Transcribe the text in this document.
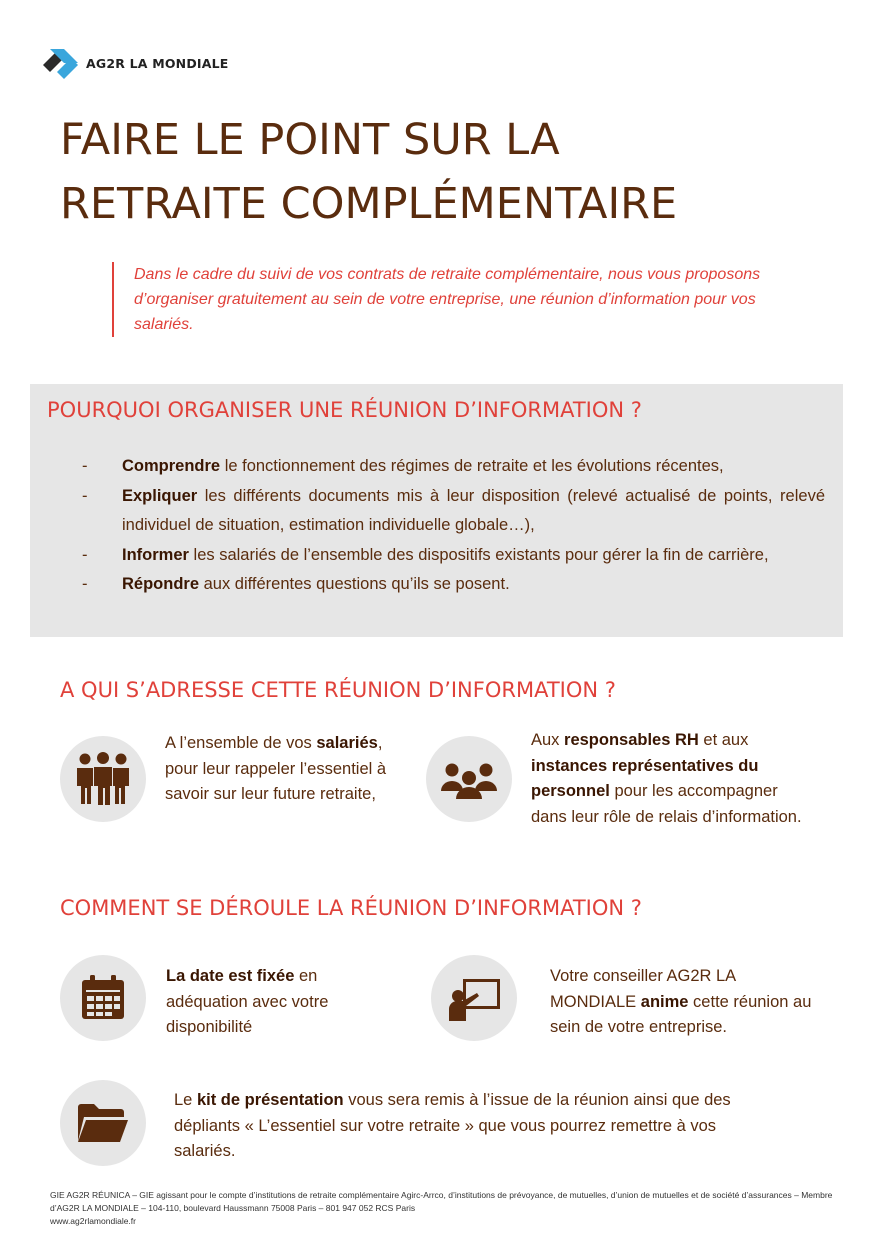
AG2R LA MONDIALE
FAIRE LE POINT SUR LA
RETRAITE COMPLÉMENTAIRE
Dans le cadre du suivi de vos contrats de retraite complémentaire, nous vous proposons d’organiser gratuitement au sein de votre entreprise, une réunion d’information pour vos salariés.
POURQUOI ORGANISER UNE RÉUNION D’INFORMATION ?
- Comprendre le fonctionnement des régimes de retraite et les évolutions récentes,
- Expliquer les différents documents mis à leur disposition (relevé actualisé de points, relevé individuel de situation, estimation individuelle globale…),
- Informer les salariés de l’ensemble des dispositifs existants pour gérer la fin de carrière,
- Répondre aux différentes questions qu’ils se posent.
A QUI S’ADRESSE CETTE RÉUNION D’INFORMATION ?
A l’ensemble de vos salariés, pour leur rappeler l’essentiel à savoir sur leur future retraite,
Aux responsables RH et aux instances représentatives du personnel pour les accompagner dans leur rôle de relais d’information.
COMMENT SE DÉROULE LA RÉUNION D’INFORMATION ?
La date est fixée en adéquation avec votre disponibilité
Votre conseiller AG2R LA MONDIALE anime cette réunion au sein de votre entreprise.
Le kit de présentation vous sera remis à l’issue de la réunion ainsi que des dépliants « L’essentiel sur votre retraite » que vous pourrez remettre à vos salariés.
GIE AG2R RÉUNICA – GIE agissant pour le compte d’institutions de retraite complémentaire Agirc-Arrco, d’institutions de prévoyance, de mutuelles, d’union de mutuelles et de société d’assurances – Membre d’AG2R LA MONDIALE – 104-110, boulevard Haussmann 75008 Paris – 801 947 052 RCS Paris
www.ag2rlamondiale.fr
